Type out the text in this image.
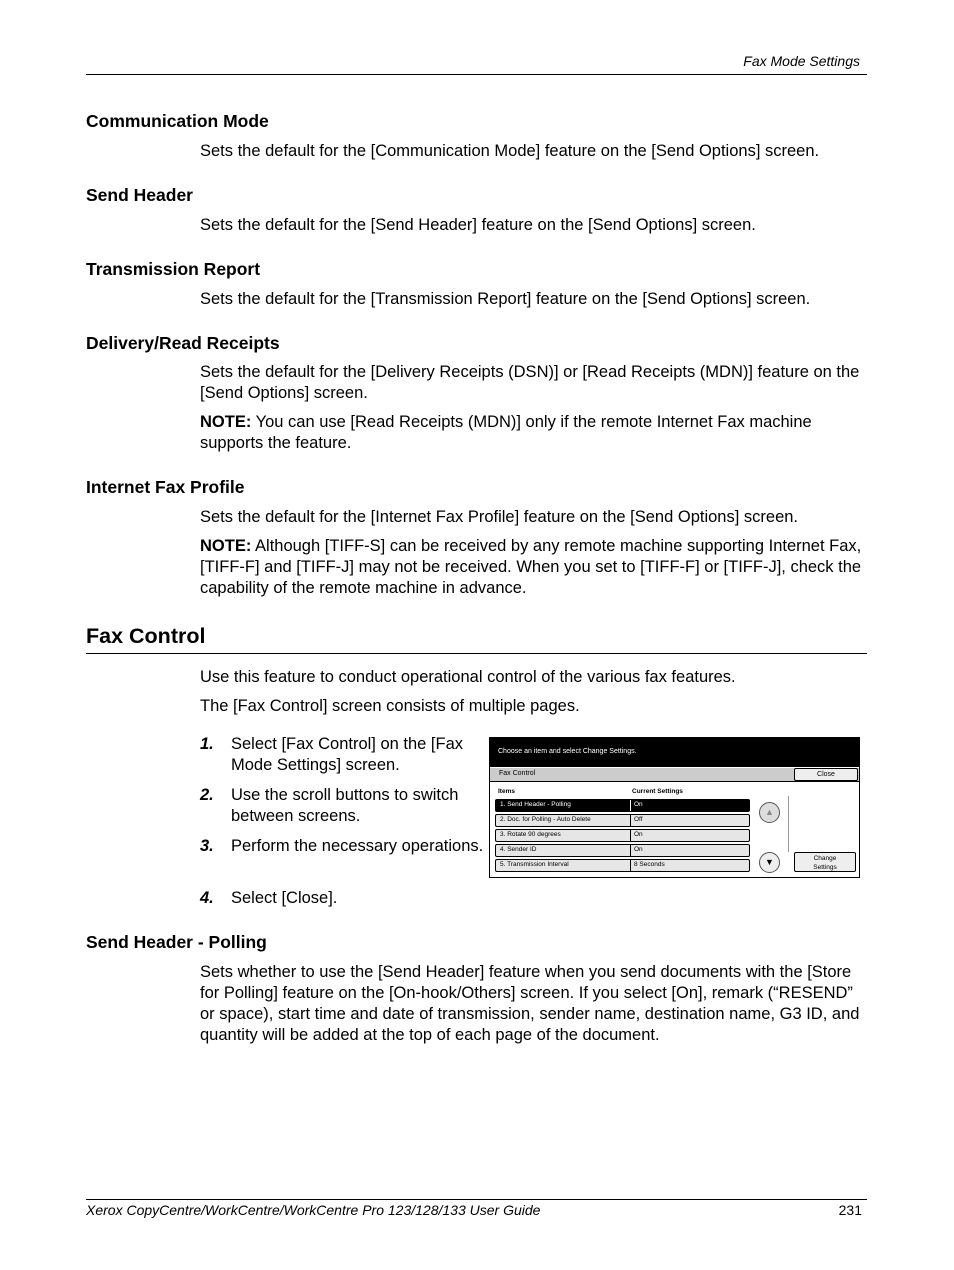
Fax Mode Settings
Communication Mode
Sets the default for the [Communication Mode] feature on the [Send Options] screen.
Send Header
Sets the default for the [Send Header] feature on the [Send Options] screen.
Transmission Report
Sets the default for the [Transmission Report] feature on the [Send Options] screen.
Delivery/Read Receipts
Sets the default for the [Delivery Receipts (DSN)] or [Read Receipts (MDN)] feature on the [Send Options] screen.
NOTE: You can use [Read Receipts (MDN)] only if the remote Internet Fax machine supports the feature.
Internet Fax Profile
Sets the default for the [Internet Fax Profile] feature on the [Send Options] screen.
NOTE: Although [TIFF-S] can be received by any remote machine supporting Internet Fax, [TIFF-F] and [TIFF-J] may not be received. When you set to [TIFF-F] or [TIFF-J], check the capability of the remote machine in advance.
Fax Control
Use this feature to conduct operational control of the various fax features.
The [Fax Control] screen consists of multiple pages.
1. Select [Fax Control] on the [Fax Mode Settings] screen.
2. Use the scroll buttons to switch between screens.
3. Perform the necessary operations.
4. Select [Close].
Choose an item and select Change Settings.
Fax Control	Close
Items	Current Settings
1. Send Header - Polling	On
2. Doc. for Polling - Auto Delete	Off
3. Rotate 90 degrees	On
4. Sender ID	On
5. Transmission Interval	8 Seconds
▲
▼	Change
Settings
Send Header - Polling
Sets whether to use the [Send Header] feature when you send documents with the [Store for Polling] feature on the [On-hook/Others] screen. If you select [On], remark (“RESEND” or space), start time and date of transmission, sender name, destination name, G3 ID, and quantity will be added at the top of each page of the document.
Xerox CopyCentre/WorkCentre/WorkCentre Pro 123/128/133 User Guide	231
